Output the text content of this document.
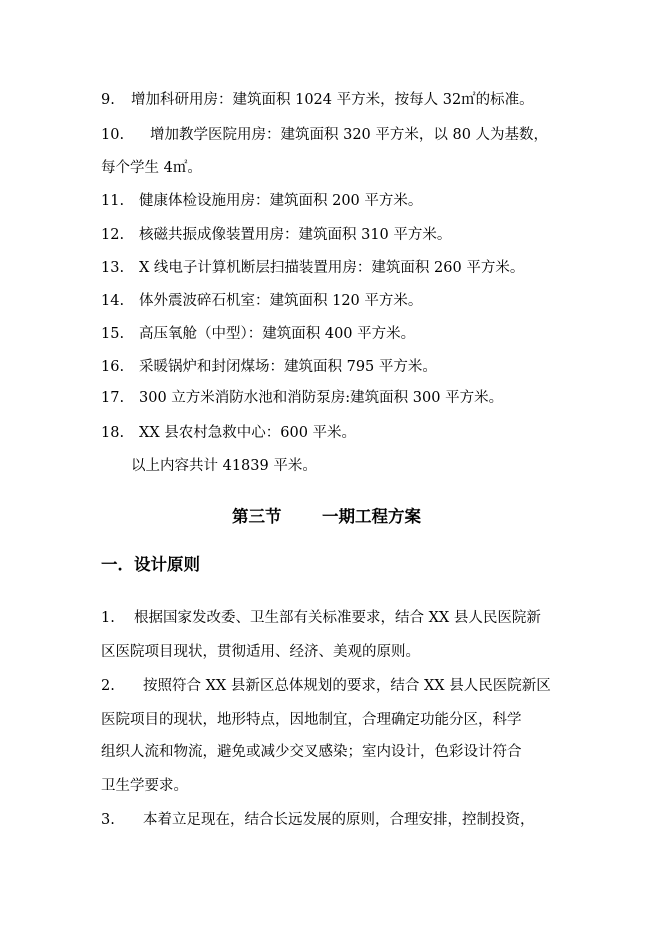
9. 增加科研用房：建筑面积 1024 平方米，按每人 32㎡的标准。
10. 增加教学医院用房：建筑面积 320 平方米，以 80 人为基数，
每个学生 4㎡。
11. 健康体检设施用房：建筑面积 200 平方米。
12. 核磁共振成像装置用房：建筑面积 310 平方米。
13. X 线电子计算机断层扫描装置用房：建筑面积 260 平方米。
14. 体外震波碎石机室：建筑面积 120 平方米。
15. 高压氧舱（中型）：建筑面积 400 平方米。
16. 采暖锅炉和封闭煤场：建筑面积 795 平方米。
17. 300 立方米消防水池和消防泵房:建筑面积 300 平方米。
18. XX 县农村急救中心：600 平米。
以上内容共计 41839 平米。
第三节 一期工程方案
一．设计原则
1. 根据国家发改委、卫生部有关标准要求，结合 XX 县人民医院新
区医院项目现状，贯彻适用、经济、美观的原则。
2. 按照符合 XX 县新区总体规划的要求，结合 XX 县人民医院新区
医院项目的现状，地形特点，因地制宜，合理确定功能分区，科学
组织人流和物流，避免或减少交叉感染；室内设计，色彩设计符合
卫生学要求。
3. 本着立足现在，结合长远发展的原则，合理安排，控制投资，
